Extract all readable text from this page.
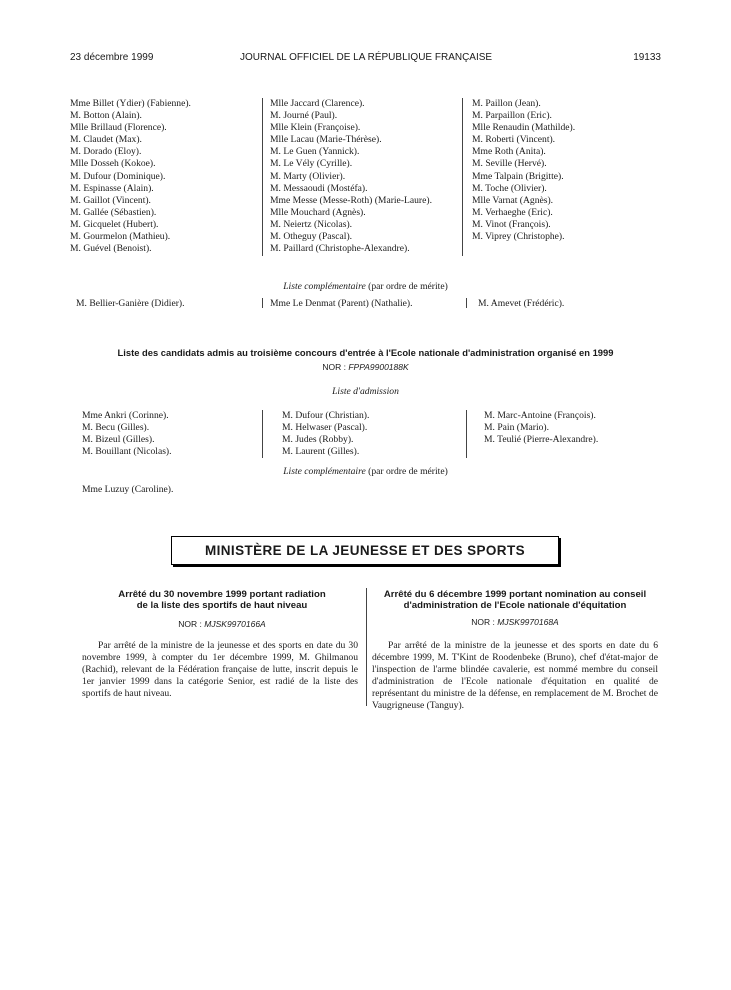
23 décembre 1999	JOURNAL OFFICIEL DE LA RÉPUBLIQUE FRANÇAISE	19133
Mme Billet (Ydier) (Fabienne).
M. Botton (Alain).
Mlle Brillaud (Florence).
M. Claudet (Max).
M. Dorado (Eloy).
Mlle Dosseh (Kokoe).
M. Dufour (Dominique).
M. Espinasse (Alain).
M. Gaillot (Vincent).
M. Gallée (Sébastien).
M. Gicquelet (Hubert).
M. Gourmelon (Mathieu).
M. Guével (Benoist).
Mlle Jaccard (Clarence).
M. Journé (Paul).
Mlle Klein (Françoise).
Mlle Lacau (Marie-Thérèse).
M. Le Guen (Yannick).
M. Le Vély (Cyrille).
M. Marty (Olivier).
M. Messaoudi (Mostéfa).
Mme Messe (Messe-Roth) (Marie-Laure).
Mlle Mouchard (Agnès).
M. Neiertz (Nicolas).
M. Otheguy (Pascal).
M. Paillard (Christophe-Alexandre).
M. Paillon (Jean).
M. Parpaillon (Eric).
Mlle Renaudin (Mathilde).
M. Roberti (Vincent).
Mme Roth (Anita).
M. Seville (Hervé).
Mme Talpain (Brigitte).
M. Toche (Olivier).
Mlle Varnat (Agnès).
M. Verhaeghe (Eric).
M. Vinot (François).
M. Viprey (Christophe).
Liste complémentaire (par ordre de mérite)
M. Bellier-Ganière (Didier).	Mme Le Denmat (Parent) (Nathalie).	M. Amevet (Frédéric).
Liste des candidats admis au troisième concours d'entrée à l'Ecole nationale d'administration organisé en 1999
NOR : FPPA9900188K
Liste d'admission
Mme Ankri (Corinne).
M. Becu (Gilles).
M. Bizeul (Gilles).
M. Bouillant (Nicolas).
M. Dufour (Christian).
M. Helwaser (Pascal).
M. Judes (Robby).
M. Laurent (Gilles).
M. Marc-Antoine (François).
M. Pain (Mario).
M. Teulié (Pierre-Alexandre).
Liste complémentaire (par ordre de mérite)
Mme Luzuy (Caroline).
MINISTÈRE DE LA JEUNESSE ET DES SPORTS
Arrêté du 30 novembre 1999 portant radiation
de la liste des sportifs de haut niveau
NOR : MJSK9970166A

Par arrêté de la ministre de la jeunesse et des sports en date du 30 novembre 1999, à compter du 1er décembre 1999, M. Ghilmanou (Rachid), relevant de la Fédération française de lutte, inscrit depuis le 1er janvier 1999 dans la catégorie Senior, est radié de la liste des sportifs de haut niveau.

Arrêté du 6 décembre 1999 portant nomination au conseil
d'administration de l'Ecole nationale d'équitation
NOR : MJSK9970168A

Par arrêté de la ministre de la jeunesse et des sports en date du 6 décembre 1999, M. T'Kint de Roodenbeke (Bruno), chef d'état-major de l'inspection de l'arme blindée cavalerie, est nommé membre du conseil d'administration de l'Ecole nationale d'équitation en qualité de représentant du ministre de la défense, en remplacement de M. Brochet de Vaugrigneuse (Tanguy).
